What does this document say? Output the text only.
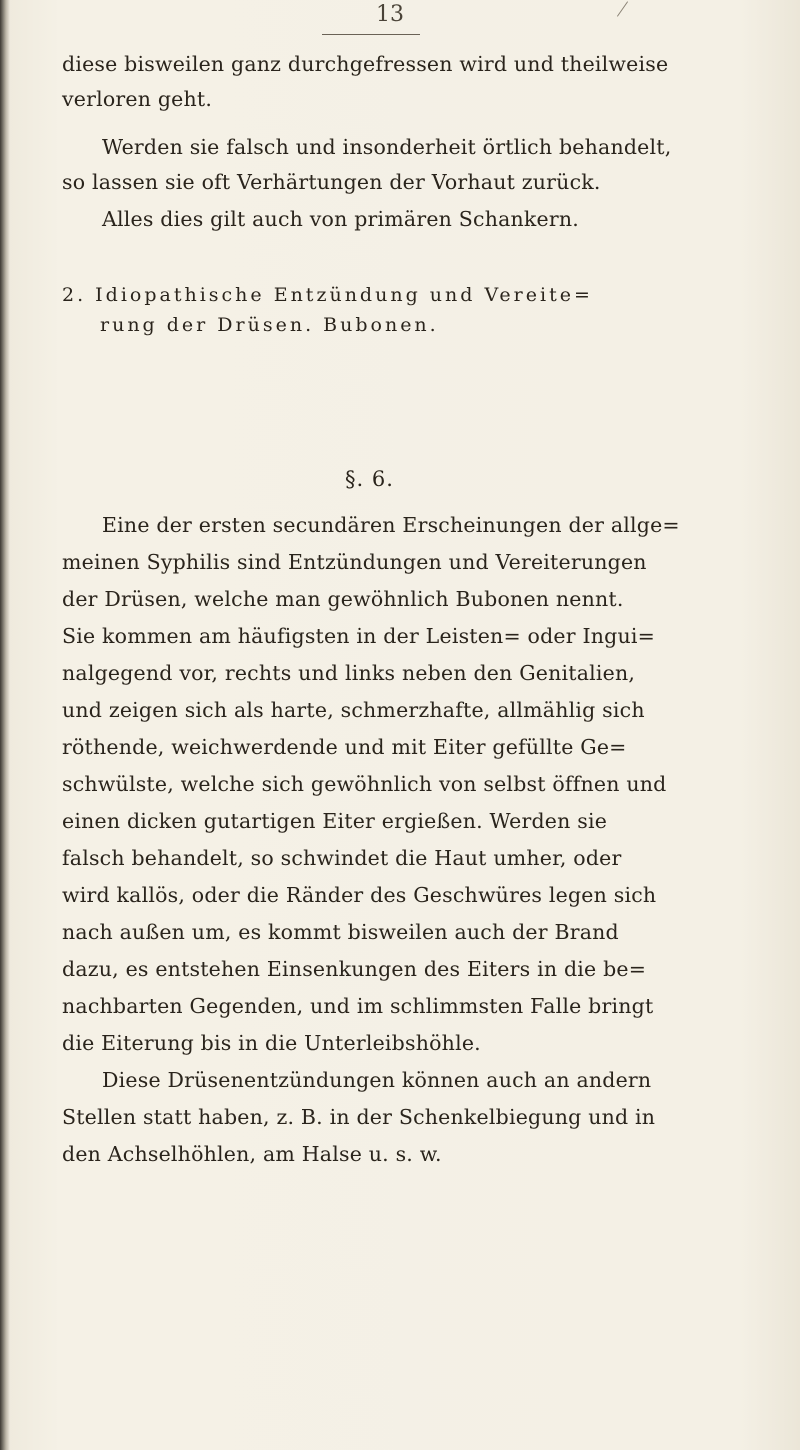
13
diese bisweilen ganz durchgefressen wird und theilweise
verloren geht.
Werden sie falsch und insonderheit örtlich behandelt,
so lassen sie oft Verhärtungen der Vorhaut zurück.
Alles dies gilt auch von primären Schankern.
2. Idiopathische Entzündung und Vereite=
rung der Drüsen. Bubonen.
§. 6.
Eine der ersten secundären Erscheinungen der allge=
meinen Syphilis sind Entzündungen und Vereiterungen
der Drüsen, welche man gewöhnlich Bubonen nennt.
Sie kommen am häufigsten in der Leisten= oder Ingui=
nalgegend vor, rechts und links neben den Genitalien,
und zeigen sich als harte, schmerzhafte, allmählig sich
röthende, weichwerdende und mit Eiter gefüllte Ge=
schwülste, welche sich gewöhnlich von selbst öffnen und
einen dicken gutartigen Eiter ergießen. Werden sie
falsch behandelt, so schwindet die Haut umher, oder
wird kallös, oder die Ränder des Geschwüres legen sich
nach außen um, es kommt bisweilen auch der Brand
dazu, es entstehen Einsenkungen des Eiters in die be=
nachbarten Gegenden, und im schlimmsten Falle bringt
die Eiterung bis in die Unterleibshöhle.
Diese Drüsenentzündungen können auch an andern
Stellen statt haben, z. B. in der Schenkelbiegung und in
den Achselhöhlen, am Halse u. s. w.
